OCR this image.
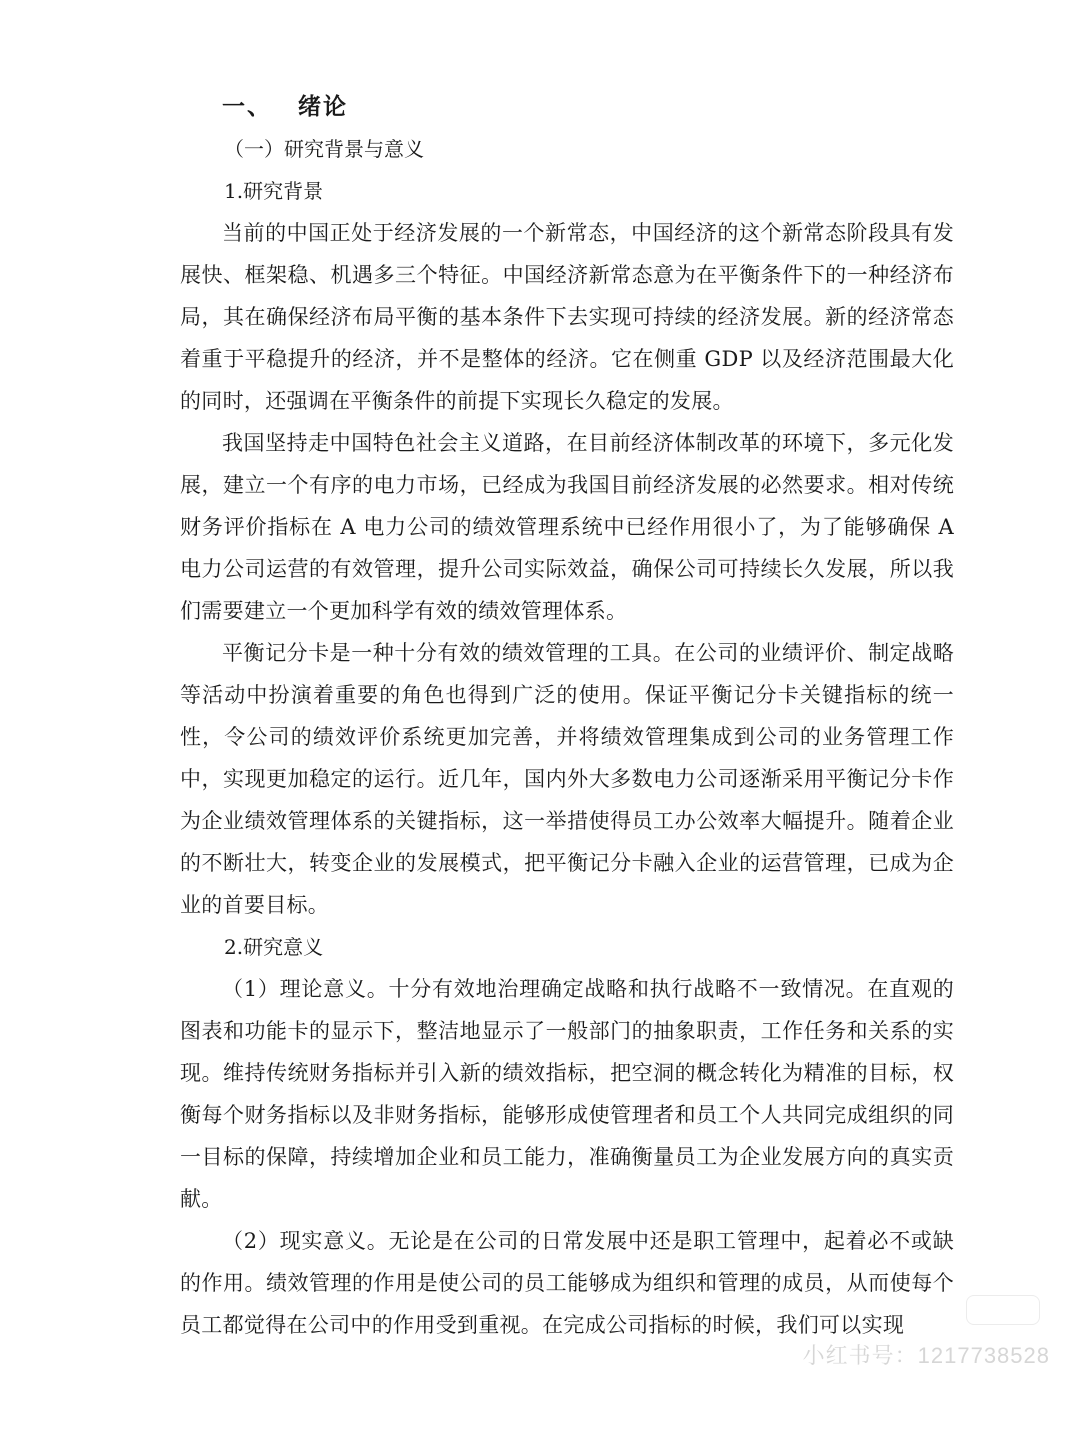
一、 绪论
（一）研究背景与意义
1.研究背景

当前的中国正处于经济发展的一个新常态，中国经济的这个新常态阶段具有发展快、框架稳、机遇多三个特征。中国经济新常态意为在平衡条件下的一种经济布局，其在确保经济布局平衡的基本条件下去实现可持续的经济发展。新的经济常态着重于平稳提升的经济，并不是整体的经济。它在侧重 GDP 以及经济范围最大化的同时，还强调在平衡条件的前提下实现长久稳定的发展。

我国坚持走中国特色社会主义道路，在目前经济体制改革的环境下，多元化发展，建立一个有序的电力市场，已经成为我国目前经济发展的必然要求。相对传统财务评价指标在 A 电力公司的绩效管理系统中已经作用很小了，为了能够确保 A 电力公司运营的有效管理，提升公司实际效益，确保公司可持续长久发展，所以我们需要建立一个更加科学有效的绩效管理体系。

平衡记分卡是一种十分有效的绩效管理的工具。在公司的业绩评价、制定战略等活动中扮演着重要的角色也得到广泛的使用。保证平衡记分卡关键指标的统一性，令公司的绩效评价系统更加完善，并将绩效管理集成到公司的业务管理工作中，实现更加稳定的运行。近几年，国内外大多数电力公司逐渐采用平衡记分卡作为企业绩效管理体系的关键指标，这一举措使得员工办公效率大幅提升。随着企业的不断壮大，转变企业的发展模式，把平衡记分卡融入企业的运营管理，已成为企业的首要目标。

2.研究意义

（1）理论意义。十分有效地治理确定战略和执行战略不一致情况。在直观的图表和功能卡的显示下，整洁地显示了一般部门的抽象职责，工作任务和关系的实现。维持传统财务指标并引入新的绩效指标，把空洞的概念转化为精准的目标，权衡每个财务指标以及非财务指标，能够形成使管理者和员工个人共同完成组织的同一目标的保障，持续增加企业和员工能力，准确衡量员工为企业发展方向的真实贡献。

（2）现实意义。无论是在公司的日常发展中还是职工管理中，起着必不或缺的作用。绩效管理的作用是使公司的员工能够成为组织和管理的成员，从而使每个员工都觉得在公司中的作用受到重视。在完成公司指标的时候，我们可以实现

小红书号：1217738528
